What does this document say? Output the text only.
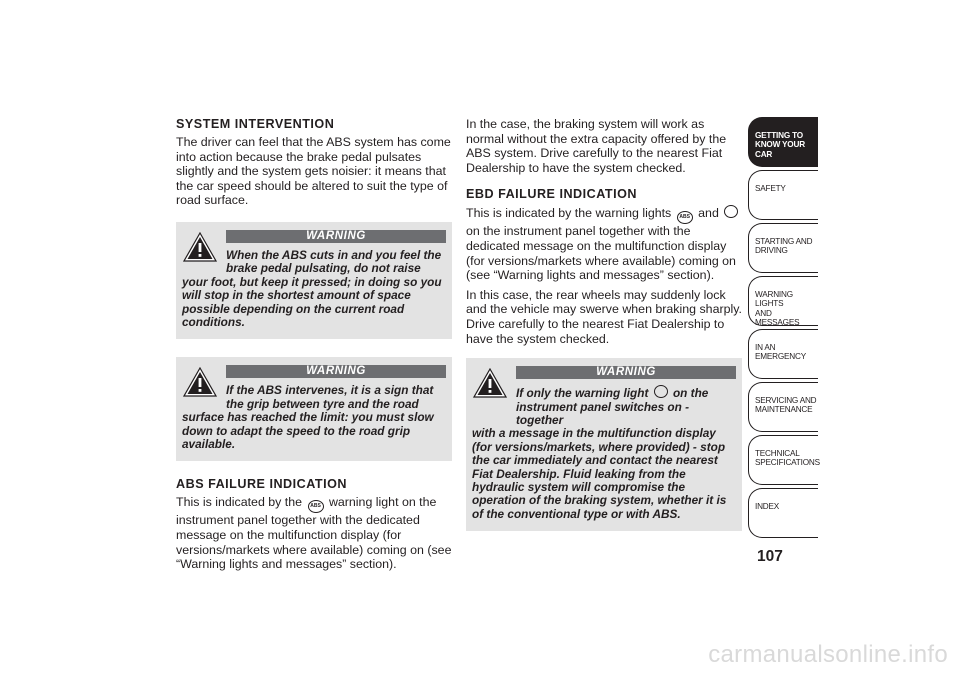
SYSTEM INTERVENTION

The driver can feel that the ABS system has come into action because the brake pedal pulsates slightly and the system gets noisier: it means that the car speed should be altered to suit the type of road surface.

WARNING
When the ABS cuts in and you feel the brake pedal pulsating, do not raise
your foot, but keep it pressed; in doing so you will stop in the shortest amount of space possible depending on the current road conditions.
WARNING
If the ABS intervenes, it is a sign that the grip between tyre and the road
surface has reached the limit: you must slow down to adapt the speed to the road grip available.
ABS FAILURE INDICATION

This is indicated by the ABS warning light on the instrument panel together with the dedicated message on the multifunction display (for versions/markets where available) coming on (see “Warning lights and messages” section).

In the case, the braking system will work as normal without the extra capacity offered by the ABS system. Drive carefully to the nearest Fiat Dealership to have the system checked.

EBD FAILURE INDICATION

This is indicated by the warning lights ABS and  on the instrument panel together with the dedicated message on the multifunction display (for versions/markets where available) coming on (see “Warning lights and messages” section).

In this case, the rear wheels may suddenly lock and the vehicle may swerve when braking sharply. Drive carefully to the nearest Fiat Dealership to have the system checked.

WARNING
If only the warning light on the instrument panel switches on - together
with a message in the multifunction display (for versions/markets, where provided) - stop the car immediately and contact the nearest Fiat Dealership. Fluid leaking from the hydraulic system will compromise the operation of the braking system, whether it is of the conventional type or with ABS.
GETTING TO
KNOW YOUR CAR
SAFETY
STARTING AND
DRIVING
WARNING LIGHTS
AND MESSAGES
IN AN EMERGENCY
SERVICING AND
MAINTENANCE
TECHNICAL
SPECIFICATIONS
INDEX
107
carmanualsonline.info
